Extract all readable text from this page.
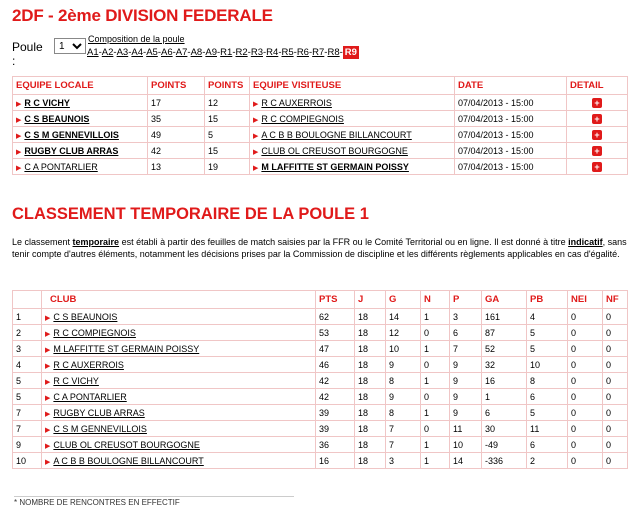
2DF - 2ème DIVISION FEDERALE
Poule :
1
Composition de la poule
A1-A2-A3-A4-A5-A6-A7-A8-A9-R1-R2-R3-R4-R5-R6-R7-R8- R9
EQUIPE LOCALE	POINTS	POINTS	EQUIPE VISITEUSE	DATE	DETAIL
▶ R C VICHY	17	12	▶ R C AUXERROIS	07/04/2013 - 15:00	+
▶ C S BEAUNOIS	35	15	▶ R C COMPIEGNOIS	07/04/2013 - 15:00	+
▶ C S M GENNEVILLOIS	49	5	▶ A C B B BOULOGNE BILLANCOURT	07/04/2013 - 15:00	+
▶ RUGBY CLUB ARRAS	42	15	▶ CLUB OL CREUSOT BOURGOGNE	07/04/2013 - 15:00	+
▶ C A PONTARLIER	13	19	▶ M LAFFITTE ST GERMAIN POISSY	07/04/2013 - 15:00	+
CLASSEMENT TEMPORAIRE DE LA POULE 1
Le classement temporaire est établi à partir des feuilles de match saisies par la FFR ou le Comité Territorial ou en ligne. Il est donné à titre indicatif, sans tenir compte d'autres éléments, notamment les décisions prises par la Commission de discipline et les différents règlements applicables en cas d'égalité.
	CLUB	PTS	J	G	N	P	GA	PB	NEI	NF
1	▶ C S BEAUNOIS	62	18	14	1	3	161	4	0	0
2	▶ R C COMPIEGNOIS	53	18	12	0	6	87	5	0	0
3	▶ M LAFFITTE ST GERMAIN POISSY	47	18	10	1	7	52	5	0	0
4	▶ R C AUXERROIS	46	18	9	0	9	32	10	0	0
5	▶ R C VICHY	42	18	8	1	9	16	8	0	0
5	▶ C A PONTARLIER	42	18	9	0	9	1	6	0	0
7	▶ RUGBY CLUB ARRAS	39	18	8	1	9	6	5	0	0
7	▶ C S M GENNEVILLOIS	39	18	7	0	11	30	11	0	0
9	▶ CLUB OL CREUSOT BOURGOGNE	36	18	7	1	10	-49	6	0	0
10	▶ A C B B BOULOGNE BILLANCOURT	16	18	3	1	14	-336	2	0	0
* NOMBRE DE RENCONTRES EN EFFECTIF
